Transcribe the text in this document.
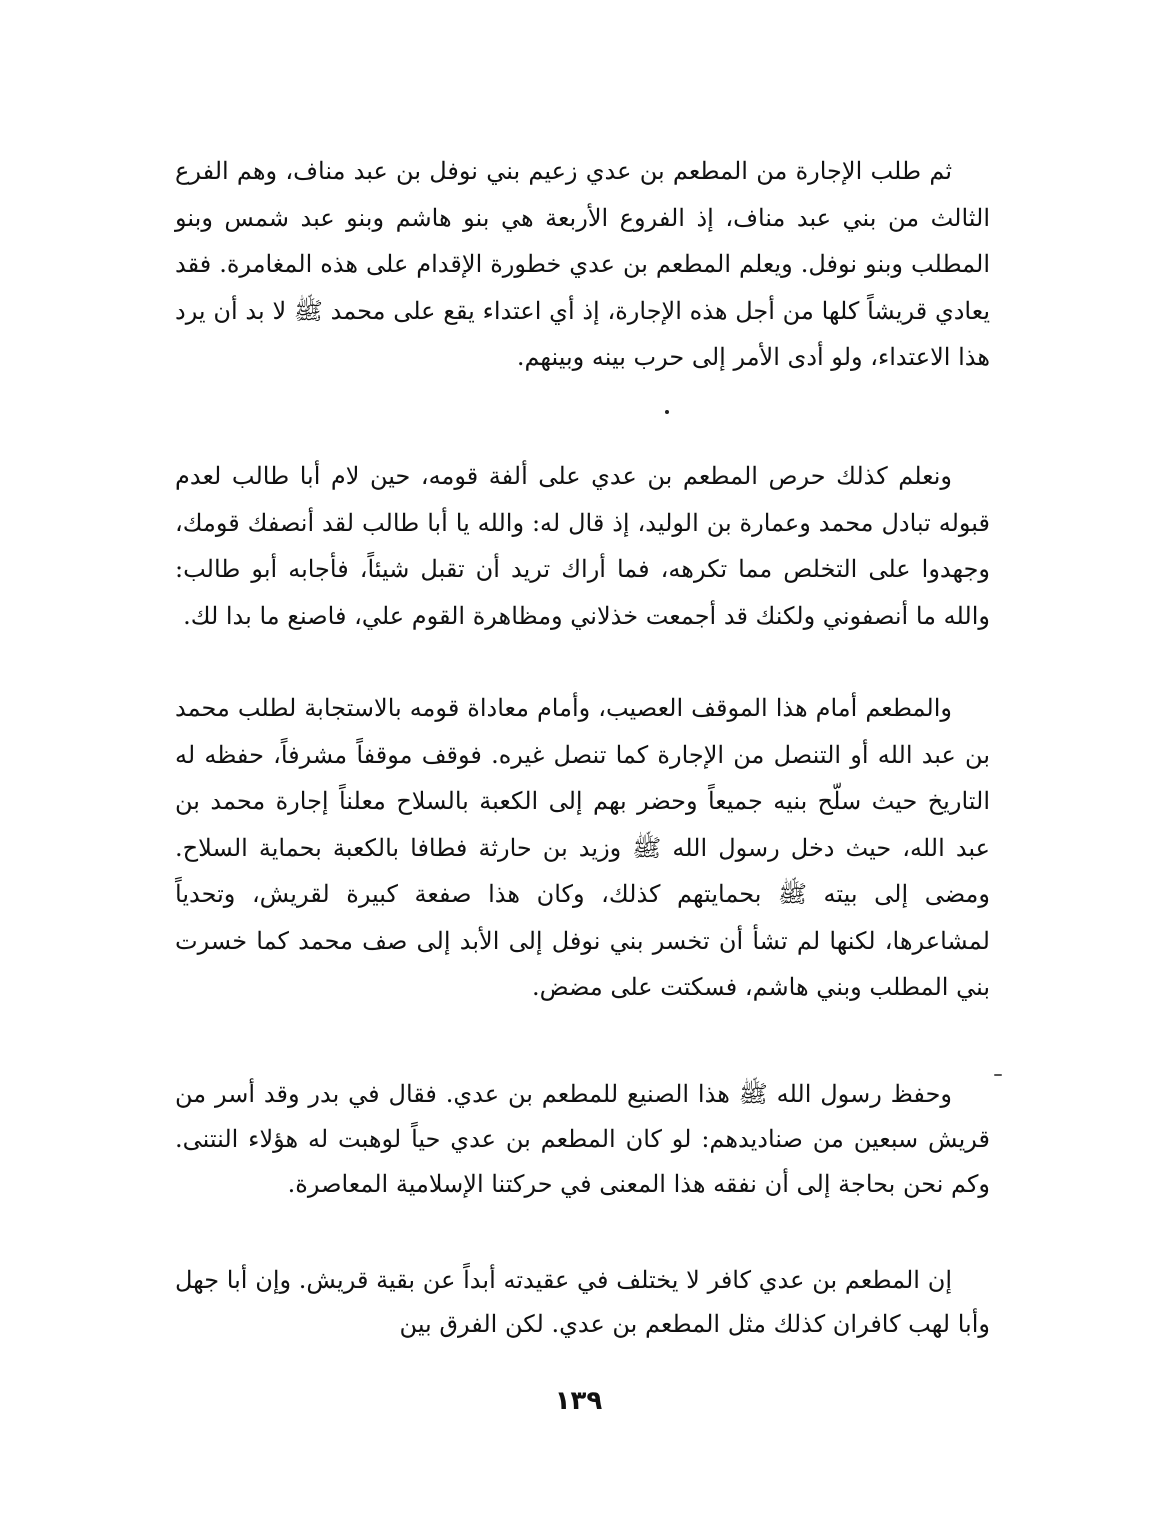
ثم طلب الإجارة من المطعم بن عدي زعيم بني نوفل بن عبد مناف، وهم الفرع الثالث من بني عبد مناف، إذ الفروع الأربعة هي بنو هاشم وبنو عبد شمس وبنو المطلب وبنو نوفل. ويعلم المطعم بن عدي خطورة الإقدام على هذه المغامرة. فقد يعادي قريشاً كلها من أجل هذه الإجارة، إذ أي اعتداء يقع على محمد ﷺ لا بد أن يرد هذا الاعتداء، ولو أدى الأمر إلى حرب بينه وبينهم.

ونعلم كذلك حرص المطعم بن عدي على ألفة قومه، حين لام أبا طالب لعدم قبوله تبادل محمد وعمارة بن الوليد، إذ قال له: والله يا أبا طالب لقد أنصفك قومك، وجهدوا على التخلص مما تكرهه، فما أراك تريد أن تقبل شيئاً، فأجابه أبو طالب: والله ما أنصفوني ولكنك قد أجمعت خذلاني ومظاهرة القوم علي، فاصنع ما بدا لك.

والمطعم أمام هذا الموقف العصيب، وأمام معاداة قومه بالاستجابة لطلب محمد بن عبد الله أو التنصل من الإجارة كما تنصل غيره. فوقف موقفاً مشرفاً، حفظه له التاريخ حيث سلّح بنيه جميعاً وحضر بهم إلى الكعبة بالسلاح معلناً إجارة محمد بن عبد الله، حيث دخل رسول الله ﷺ وزيد بن حارثة فطافا بالكعبة بحماية السلاح. ومضى إلى بيته ﷺ بحمايتهم كذلك، وكان هذا صفعة كبيرة لقريش، وتحدياً لمشاعرها، لكنها لم تشأ أن تخسر بني نوفل إلى الأبد إلى صف محمد كما خسرت بني المطلب وبني هاشم، فسكتت على مضض.

وحفظ رسول الله ﷺ هذا الصنيع للمطعم بن عدي. فقال في بدر وقد أسر من قريش سبعين من صناديدهم: لو كان المطعم بن عدي حياً لوهبت له هؤلاء النتنى. وكم نحن بحاجة إلى أن نفقه هذا المعنى في حركتنا الإسلامية المعاصرة.

إن المطعم بن عدي كافر لا يختلف في عقيدته أبداً عن بقية قريش. وإن أبا جهل وأبا لهب كافران كذلك مثل المطعم بن عدي. لكن الفرق بين

١٣٩
